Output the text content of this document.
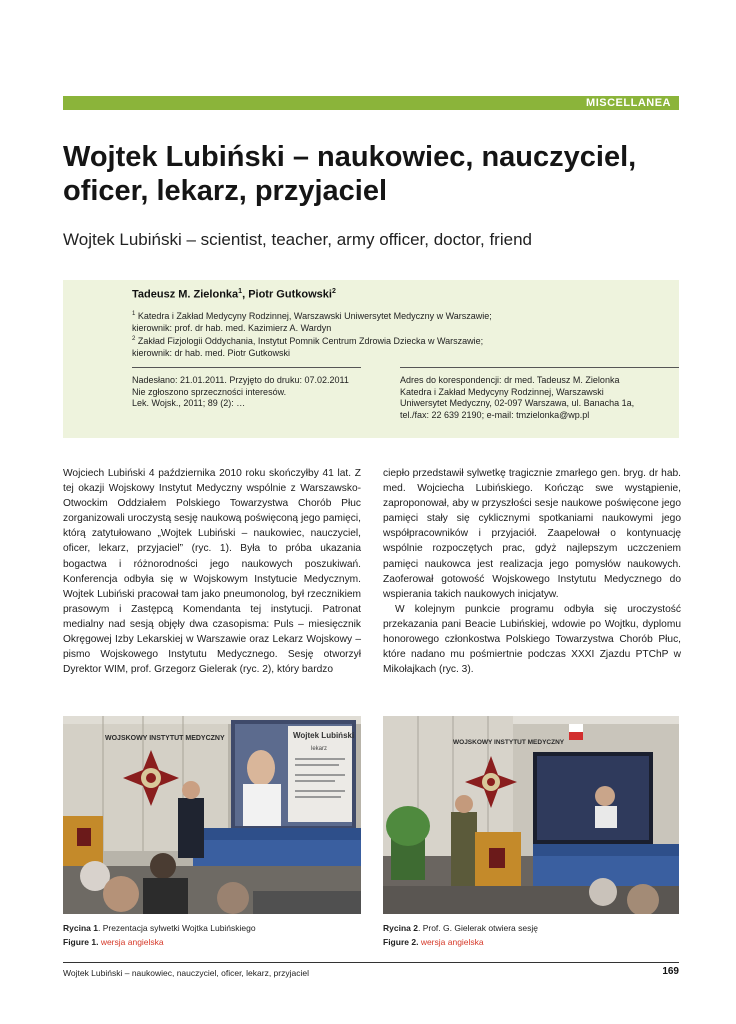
MISCELLANEA
Wojtek Lubiński – naukowiec, nauczyciel, oficer, lekarz, przyjaciel
Wojtek Lubiński – scientist, teacher, army officer, doctor, friend
Tadeusz M. Zielonka$^1$, Piotr Gutkowski$^2$
$^1$ Katedra i Zakład Medycyny Rodzinnej, Warszawski Uniwersytet Medyczny w Warszawie;
kierownik: prof. dr hab. med. Kazimierz A. Wardyn
$^2$ Zakład Fizjologii Oddychania, Instytut Pomnik Centrum Zdrowia Dziecka w Warszawie;
kierownik: dr hab. med. Piotr Gutkowski
Nadesłano: 21.01.2011. Przyjęto do druku: 07.02.2011
Nie zgłoszono sprzeczności interesów.
Lek. Wojsk., 2011; 89 (2): …
Adres do korespondencji: dr med. Tadeusz M. Zielonka
Katedra i Zakład Medycyny Rodzinnej, Warszawski
Uniwersytet Medyczny, 02-097 Warszawa, ul. Banacha 1a,
tel./fax: 22 639 2190; e-mail: tmzielonka@wp.pl

Wojciech Lubiński 4 października 2010 roku skończyłby 41 lat. Z tej okazji Wojskowy Instytut Medyczny wspólnie z Warszawsko-Otwockim Oddziałem Polskiego Towarzystwa Chorób Płuc zorganizowali uroczystą sesję naukową poświęconą jego pamięci, którą zatytułowano „Wojtek Lubiński – naukowiec, nauczyciel, oficer, lekarz, przyjaciel” (ryc. 1). Była to próba ukazania bogactwa i różnorodności jego naukowych poszukiwań. Konferencja odbyła się w Wojskowym Instytucie Medycznym. Wojtek Lubiński pracował tam jako pneumonolog, był rzecznikiem prasowym i Zastępcą Komendanta tej instytucji. Patronat medialny nad sesją objęły dwa czasopisma: Puls – miesięcznik Okręgowej Izby Lekarskiej w Warszawie oraz Lekarz Wojskowy – pismo Wojskowego Instytutu Medycznego. Sesję otworzył Dyrektor WIM, prof. Grzegorz Gielerak (ryc. 2), który bardzo

ciepło przedstawił sylwetkę tragicznie zmarłego gen. bryg. dr hab. med. Wojciecha Lubińskiego. Kończąc swe wystąpienie, zaproponował, aby w przyszłości sesje naukowe poświęcone jego pamięci stały się cyklicznymi spotkaniami naukowymi jego współpracowników i przyjaciół. Zaapelował o kontynuację wspólnie rozpoczętych prac, gdyż najlepszym uczczeniem pamięci naukowca jest realizacja jego pomysłów naukowych. Zaoferował gotowość Wojskowego Instytutu Medycznego do wspierania takich naukowych inicjatyw.

W kolejnym punkcie programu odbyła się uroczystość przekazania pani Beacie Lubińskiej, wdowie po Wojtku, dyplomu honorowego członkostwa Polskiego Towarzystwa Chorób Płuc, które nadano mu pośmiertnie podczas XXXI Zjazdu PTChP w Mikołajkach (ryc. 3).

WOJSKOWY INSTYTUT MEDYCZNY	Wojtek Lubiński
lekarz
WOJSKOWY INSTYTUT MEDYCZNY
Rycina 1. Prezentacja sylwetki Wojtka Lubińskiego
Figure 1. wersja angielska
Rycina 2. Prof. G. Gielerak otwiera sesję
Figure 2. wersja angielska
Wojtek Lubiński – naukowiec, nauczyciel, oficer, lekarz, przyjaciel	169
